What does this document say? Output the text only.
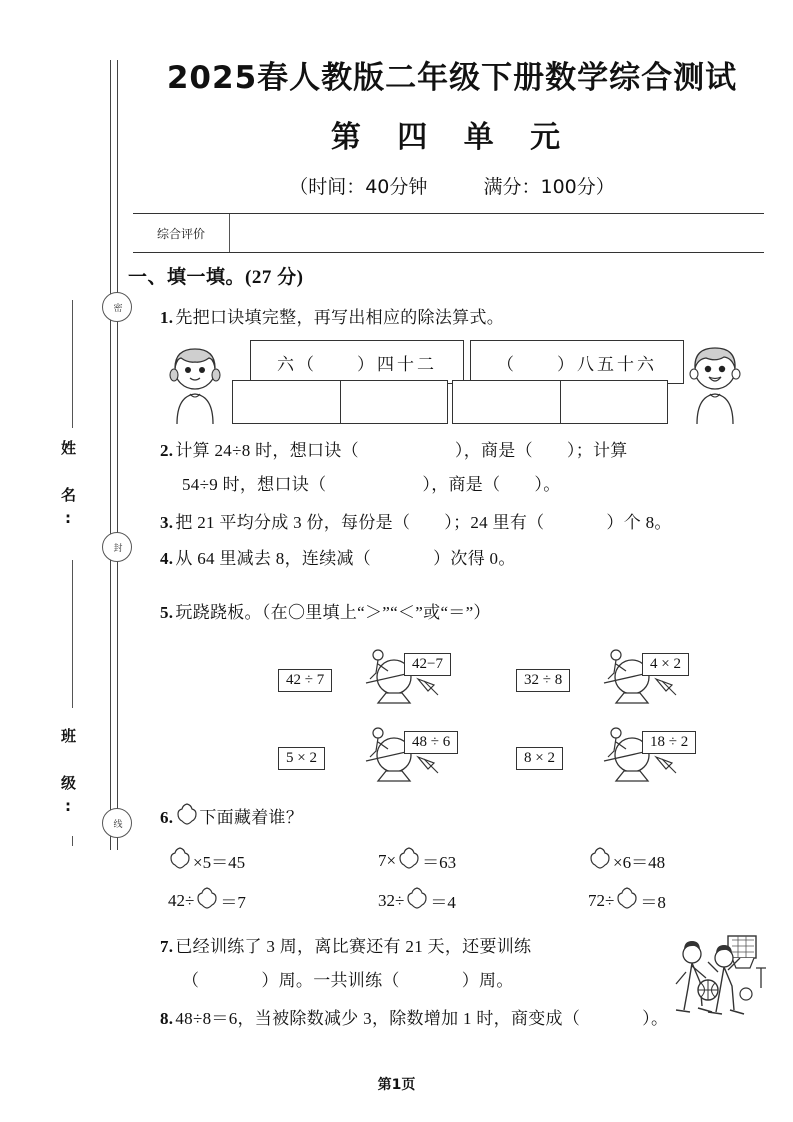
密
封
线
姓 名:
班 级:
2025春人教版二年级下册数学综合测试
第 四 单 元
（时间：40分钟	满分：100分）
综合评价
一、填一填。(27 分)
1. 先把口诀填完整，再写出相应的除法算式。
六（　　）四十二	（　　）八五十六
2. 计算 24÷8 时，想口诀（	），商是（ ）；计算
54÷9 时，想口诀（	），商是（ ）。
3. 把 21 平均分成 3 份，每份是（ ）；24 里有（	）个 8。
4. 从 64 里减去 8，连续减（	）次得 0。
5. 玩跷跷板。（在〇里填上“＞”“＜”或“＝”）
42 ÷ 7
42−7
32 ÷ 8
4 × 2
5 × 2
48 ÷ 6
8 × 2
18 ÷ 2
6. 下面藏着谁？
×5＝45	7× ＝63	×6＝48
42÷ ＝7	32÷ ＝4	72÷ ＝8
7. 已经训练了 3 周，离比赛还有 21 天，还要训练
（	）周。一共训练（	）周。
8. 48÷8＝6，当被除数减少 3，除数增加 1 时，商变成（	）。
第1页
